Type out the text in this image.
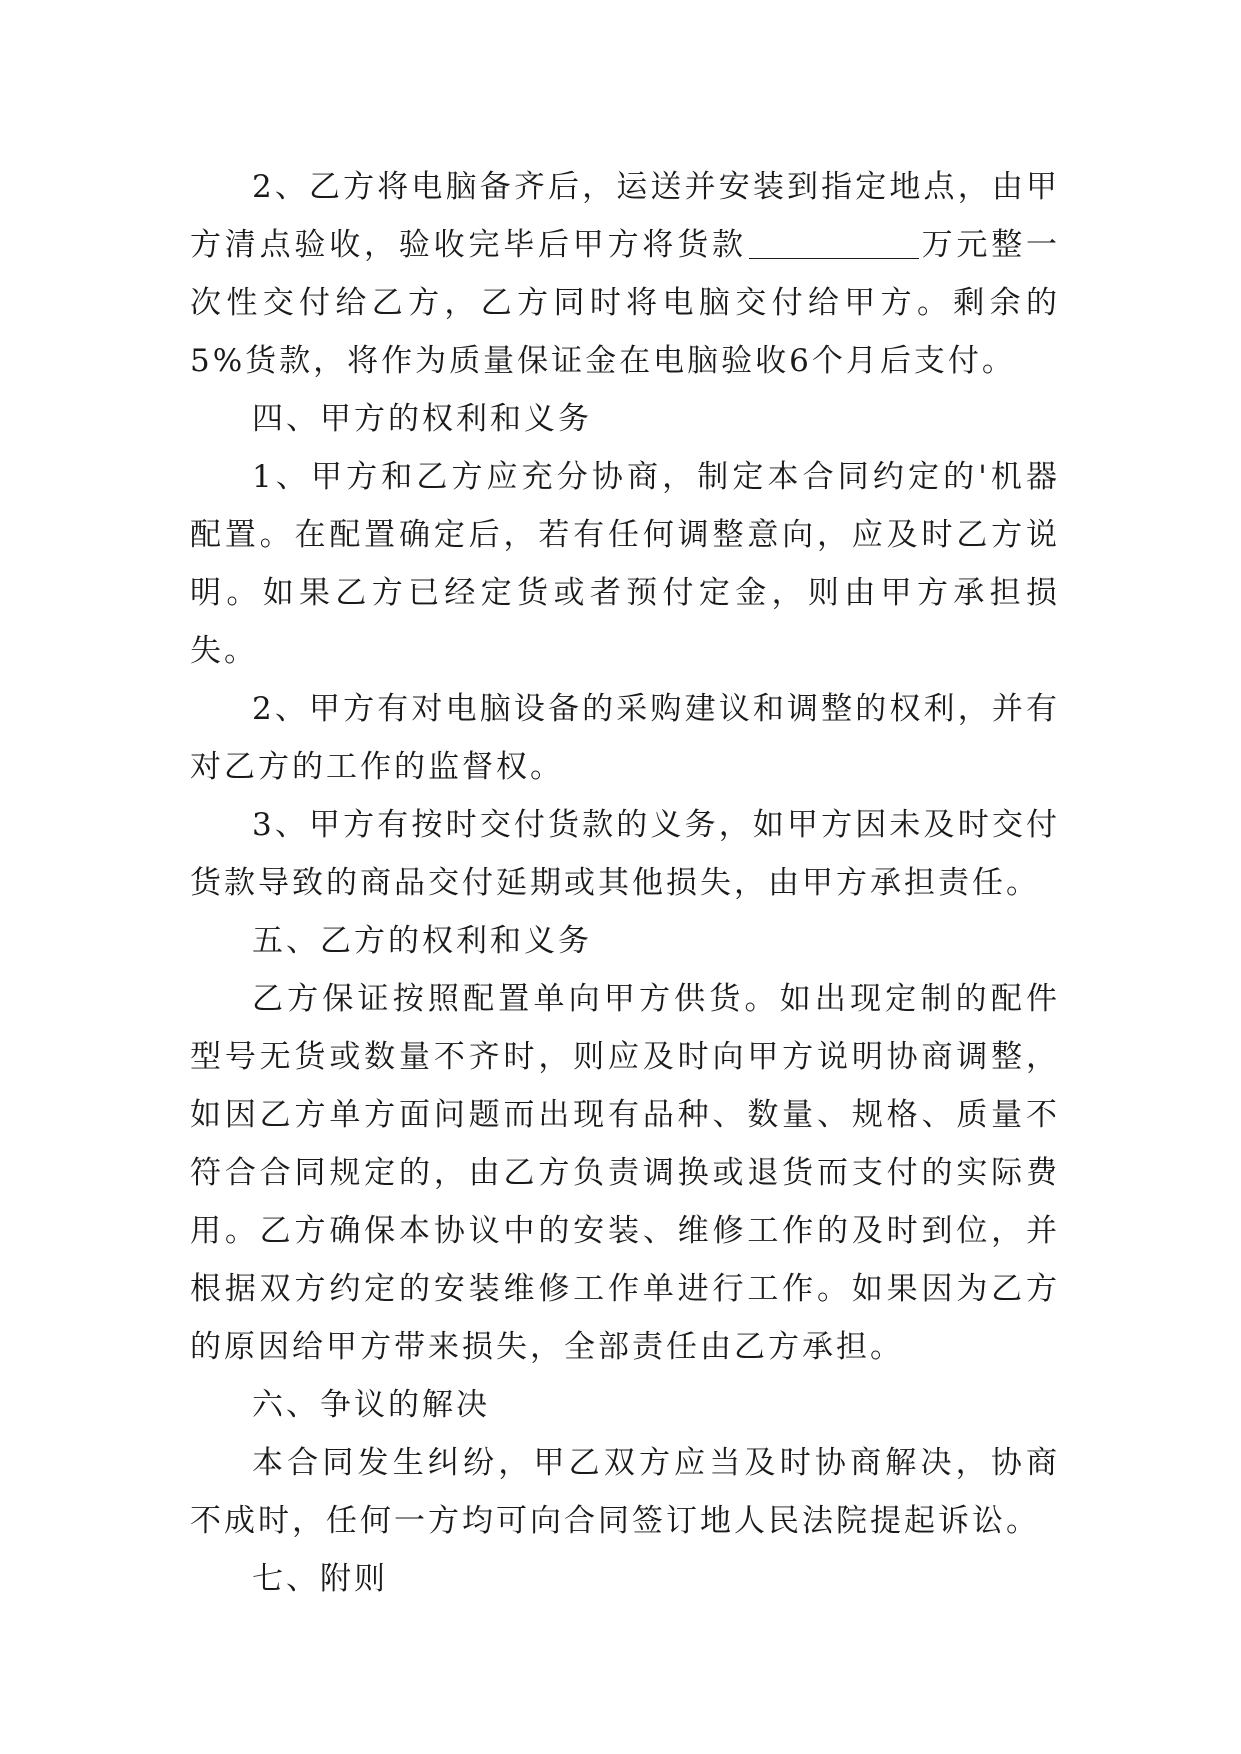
2、乙方将电脑备齐后，运送并安装到指定地点，由甲方清点验收，验收完毕后甲方将货款	万元整一次性交付给乙方，乙方同时将电脑交付给甲方。剩余的5%货款，将作为质量保证金在电脑验收6个月后支付。

四、甲方的权利和义务

1、甲方和乙方应充分协商，制定本合同约定的'机器配置。在配置确定后，若有任何调整意向，应及时乙方说明。如果乙方已经定货或者预付定金，则由甲方承担损失。

2、甲方有对电脑设备的采购建议和调整的权利，并有对乙方的工作的监督权。

3、甲方有按时交付货款的义务，如甲方因未及时交付货款导致的商品交付延期或其他损失，由甲方承担责任。

五、乙方的权利和义务

乙方保证按照配置单向甲方供货。如出现定制的配件型号无货或数量不齐时，则应及时向甲方说明协商调整，如因乙方单方面问题而出现有品种、数量、规格、质量不符合合同规定的，由乙方负责调换或退货而支付的实际费用。乙方确保本协议中的安装、维修工作的及时到位，并根据双方约定的安装维修工作单进行工作。如果因为乙方的原因给甲方带来损失，全部责任由乙方承担。

六、争议的解决

本合同发生纠纷，甲乙双方应当及时协商解决，协商不成时，任何一方均可向合同签订地人民法院提起诉讼。

七、附则
